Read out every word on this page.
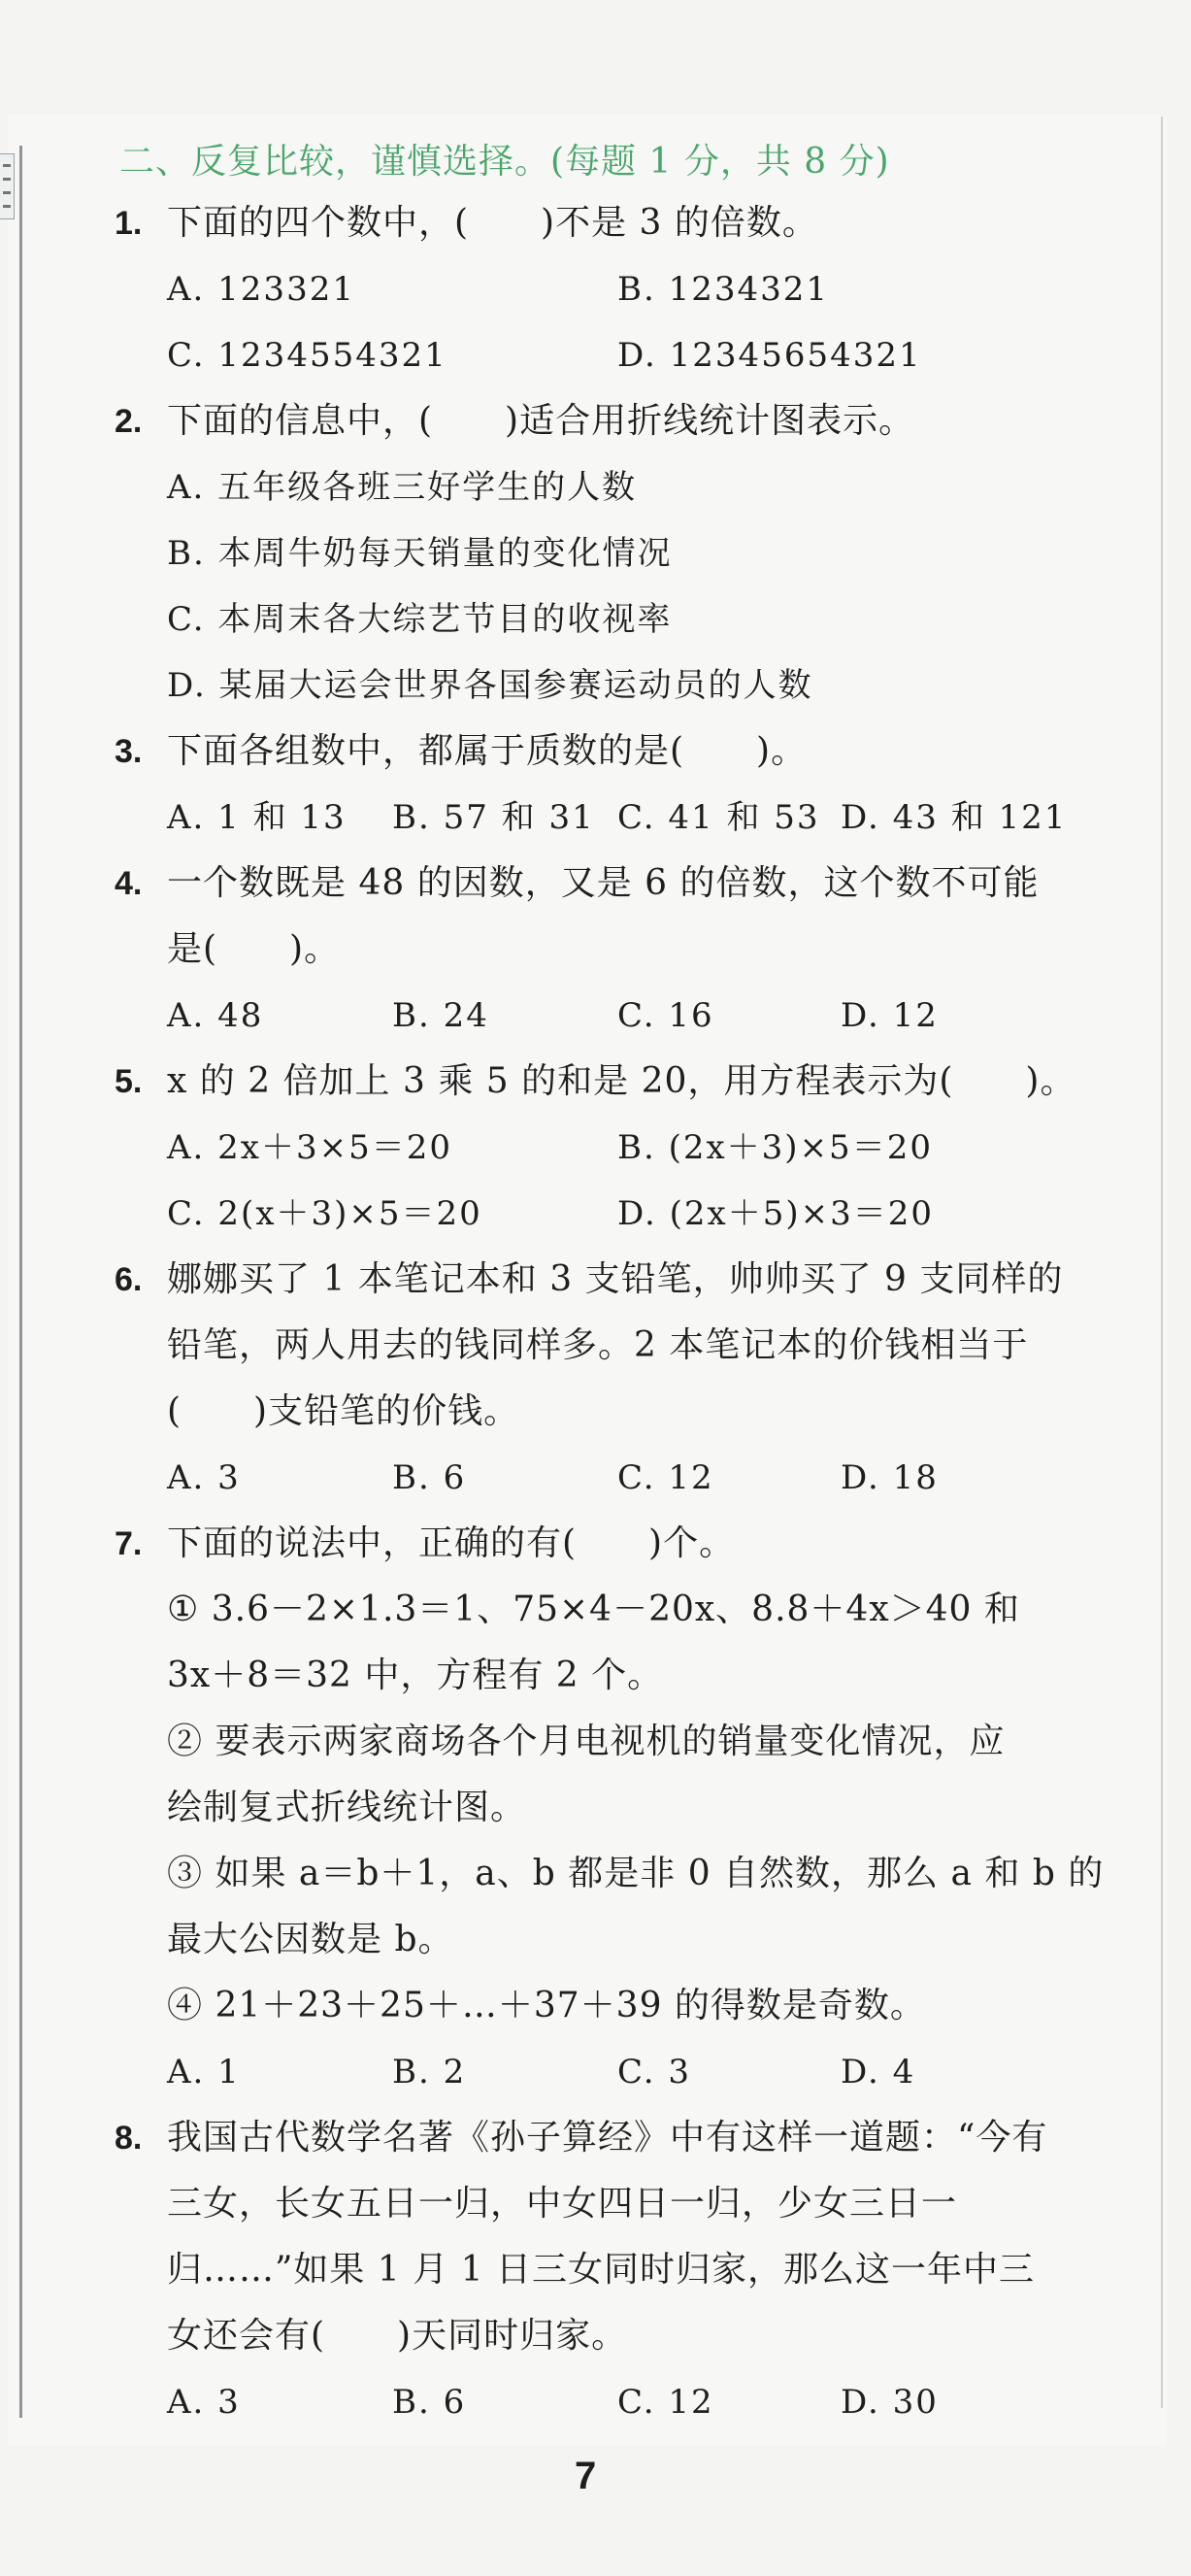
二、反复比较，谨慎选择。(每题 1 分，共 8 分)
1. 下面的四个数中，(　　)不是 3 的倍数。
A. 123321	B. 1234321
C. 1234554321	D. 12345654321
2. 下面的信息中，(　　)适合用折线统计图表示。
A. 五年级各班三好学生的人数
B. 本周牛奶每天销量的变化情况
C. 本周末各大综艺节目的收视率
D. 某届大运会世界各国参赛运动员的人数
3. 下面各组数中，都属于质数的是(　　)。
A. 1 和 13 B. 57 和 31 C. 41 和 53 D. 43 和 121
4. 一个数既是 48 的因数，又是 6 的倍数，这个数不可能
是(　　)。
A. 48	B. 24	C. 16	D. 12
5. x 的 2 倍加上 3 乘 5 的和是 20，用方程表示为(　　)。
A. 2x＋3×5＝20	B. (2x＋3)×5＝20
C. 2(x＋3)×5＝20	D. (2x＋5)×3＝20
6. 娜娜买了 1 本笔记本和 3 支铅笔，帅帅买了 9 支同样的
铅笔，两人用去的钱同样多。2 本笔记本的价钱相当于
(　　)支铅笔的价钱。
A. 3	B. 6	C. 12	D. 18
7. 下面的说法中，正确的有(　　)个。
① 3.6－2×1.3＝1、75×4－20x、8.8＋4x＞40 和
3x＋8＝32 中，方程有 2 个。
② 要表示两家商场各个月电视机的销量变化情况，应
绘制复式折线统计图。
③ 如果 a＝b＋1，a、b 都是非 0 自然数，那么 a 和 b 的
最大公因数是 b。
④ 21＋23＋25＋…＋37＋39 的得数是奇数。
A. 1	B. 2	C. 3	D. 4
8. 我国古代数学名著《孙子算经》中有这样一道题：“今有
三女，长女五日一归，中女四日一归，少女三日一
归……”如果 1 月 1 日三女同时归家，那么这一年中三
女还会有(　　)天同时归家。
A. 3	B. 6	C. 12	D. 30
7
